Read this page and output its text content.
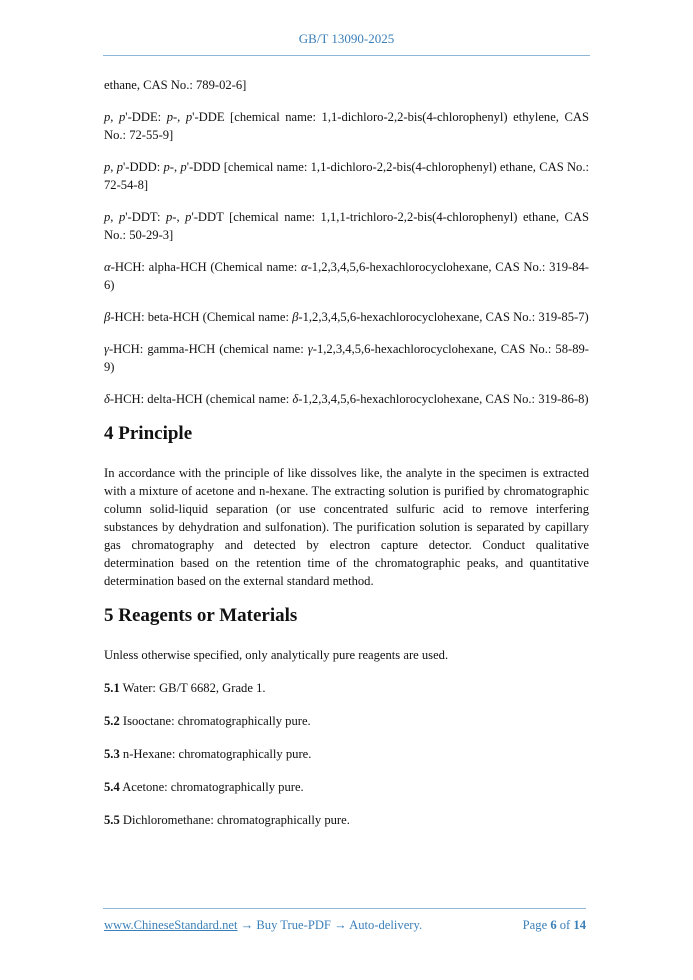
GB/T 13090-2025

ethane, CAS No.: 789-02-6]

p, p'-DDE: p-, p'-DDE [chemical name: 1,1-dichloro-2,2-bis(4-chlorophenyl) ethylene, CAS No.: 72-55-9]

p, p'-DDD: p-, p'-DDD [chemical name: 1,1-dichloro-2,2-bis(4-chlorophenyl) ethane, CAS No.: 72-54-8]

p, p'-DDT: p-, p'-DDT [chemical name: 1,1,1-trichloro-2,2-bis(4-chlorophenyl) ethane, CAS No.: 50-29-3]

α-HCH: alpha-HCH (Chemical name: α-1,2,3,4,5,6-hexachlorocyclohexane, CAS No.: 319-84-6)

β-HCH: beta-HCH (Chemical name: β-1,2,3,4,5,6-hexachlorocyclohexane, CAS No.: 319-85-7)

γ-HCH: gamma-HCH (chemical name: γ-1,2,3,4,5,6-hexachlorocyclohexane, CAS No.: 58-89-9)

δ-HCH: delta-HCH (chemical name: δ-1,2,3,4,5,6-hexachlorocyclohexane, CAS No.: 319-86-8)

4 Principle

In accordance with the principle of like dissolves like, the analyte in the specimen is extracted with a mixture of acetone and n-hexane. The extracting solution is purified by chromatographic column solid-liquid separation (or use concentrated sulfuric acid to remove interfering substances by dehydration and sulfonation). The purification solution is separated by capillary gas chromatography and detected by electron capture detector. Conduct qualitative determination based on the retention time of the chromatographic peaks, and quantitative determination based on the external standard method.

5 Reagents or Materials

Unless otherwise specified, only analytically pure reagents are used.

5.1 Water: GB/T 6682, Grade 1.

5.2 Isooctane: chromatographically pure.

5.3 n-Hexane: chromatographically pure.

5.4 Acetone: chromatographically pure.

5.5 Dichloromethane: chromatographically pure.

www.ChineseStandard.net → Buy True-PDF → Auto-delivery.	Page 6 of 14
